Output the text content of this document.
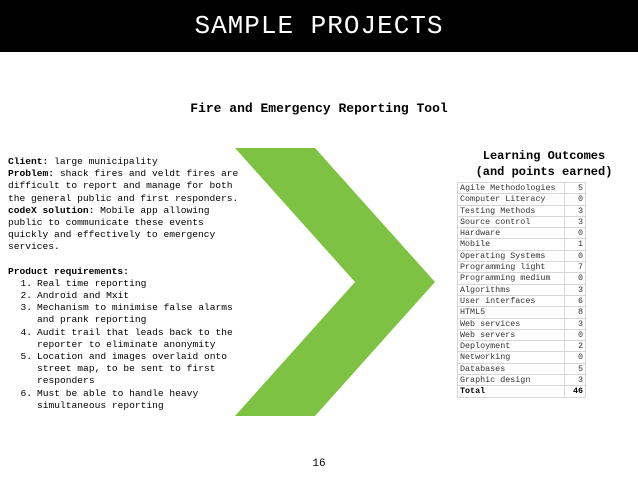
SAMPLE PROJECTS
Fire and Emergency Reporting Tool

Client: large municipality

Problem: shack fires and veldt fires are difficult to report and manage for both the general public and first responders.

codeX solution: Mobile app allowing public to communicate these events quickly and effectively to emergency services.

Product requirements:

1. Real time reporting
2. Android and Mxit
3. Mechanism to minimise false alarms and prank reporting
4. Audit trail that leads back to the reporter to eliminate anonymity
5. Location and images overlaid onto street map, to be sent to first responders
6. Must be able to handle heavy simultaneous reporting
Learning Outcomes
(and points earned)
Agile Methodologies	5
Computer Literacy	0
Testing Methods	3
Source control	3
Hardware	0
Mobile	1
Operating Systems	0
Programming light	7
Programming medium	0
Algorithms	3
User interfaces	6
HTML5	8
Web services	3
Web servers	0
Deployment	2
Networking	0
Databases	5
Graphic design	3
Total	46
16
